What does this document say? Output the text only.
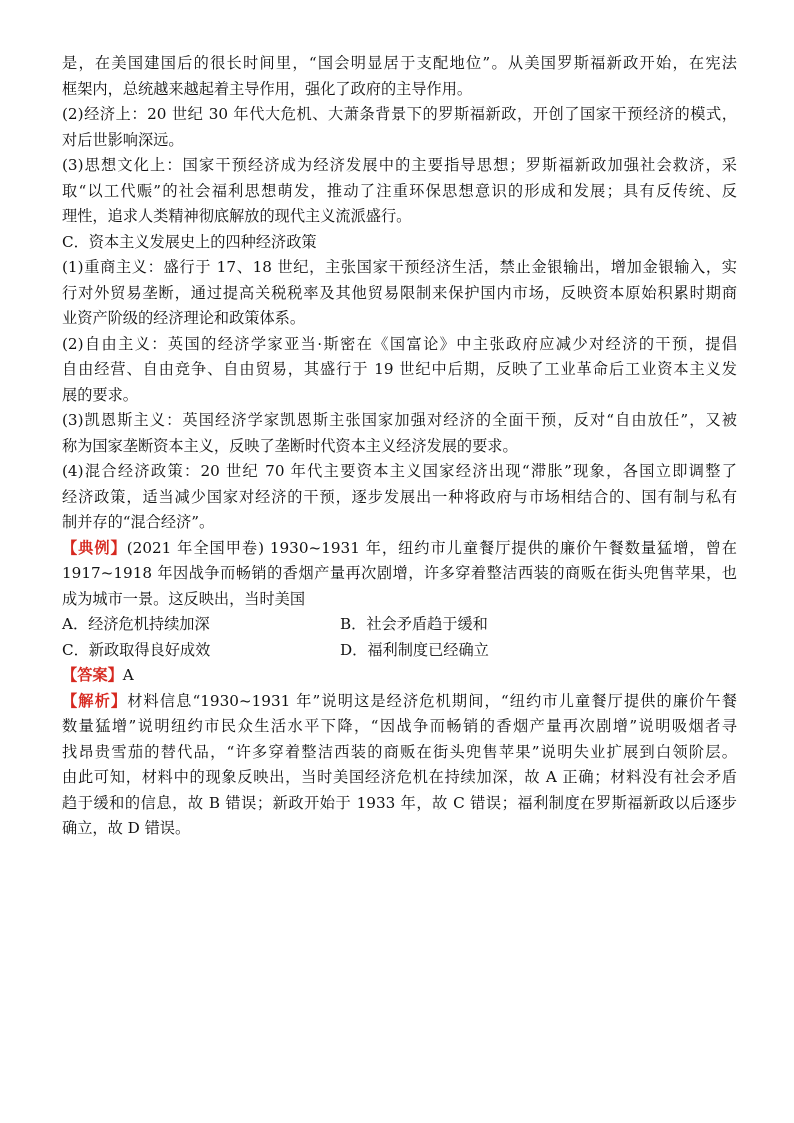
是，在美国建国后的很长时间里，“国会明显居于支配地位”。从美国罗斯福新政开始，在宪法

框架内，总统越来越起着主导作用，强化了政府的主导作用。

(2)经济上：20 世纪 30 年代大危机、大萧条背景下的罗斯福新政，开创了国家干预经济的模式，

对后世影响深远。

(3)思想文化上：国家干预经济成为经济发展中的主要指导思想；罗斯福新政加强社会救济，采

取“以工代赈”的社会福利思想萌发，推动了注重环保思想意识的形成和发展；具有反传统、反

理性，追求人类精神彻底解放的现代主义流派盛行。

C．资本主义发展史上的四种经济政策

(1)重商主义：盛行于 17、18 世纪，主张国家干预经济生活，禁止金银输出，增加金银输入，实

行对外贸易垄断，通过提高关税税率及其他贸易限制来保护国内市场，反映资本原始积累时期商

业资产阶级的经济理论和政策体系。

(2)自由主义：英国的经济学家亚当·斯密在《国富论》中主张政府应减少对经济的干预，提倡

自由经营、自由竞争、自由贸易，其盛行于 19 世纪中后期，反映了工业革命后工业资本主义发

展的要求。

(3)凯恩斯主义：英国经济学家凯恩斯主张国家加强对经济的全面干预，反对“自由放任”，又被

称为国家垄断资本主义，反映了垄断时代资本主义经济发展的要求。

(4)混合经济政策：20 世纪 70 年代主要资本主义国家经济出现“滞胀”现象，各国立即调整了

经济政策，适当减少国家对经济的干预，逐步发展出一种将政府与市场相结合的、国有制与私有

制并存的“混合经济”。

【典例】(2021 年全国甲卷) 1930~1931 年，纽约市儿童餐厅提供的廉价午餐数量猛增，曾在

1917~1918 年因战争而畅销的香烟产量再次剧增，许多穿着整洁西装的商贩在街头兜售苹果，也

成为城市一景。这反映出，当时美国

A．经济危机持续加深	B．社会矛盾趋于缓和
C．新政取得良好成效	D．福利制度已经确立

【答案】A

【解析】材料信息“1930~1931 年”说明这是经济危机期间，“纽约市儿童餐厅提供的廉价午餐

数量猛增”说明纽约市民众生活水平下降，“因战争而畅销的香烟产量再次剧增”说明吸烟者寻

找昂贵雪茄的替代品，“许多穿着整洁西装的商贩在街头兜售苹果”说明失业扩展到白领阶层。

由此可知，材料中的现象反映出，当时美国经济危机在持续加深，故 A 正确；材料没有社会矛盾

趋于缓和的信息，故 B 错误；新政开始于 1933 年，故 C 错误；福利制度在罗斯福新政以后逐步

确立，故 D 错误。
